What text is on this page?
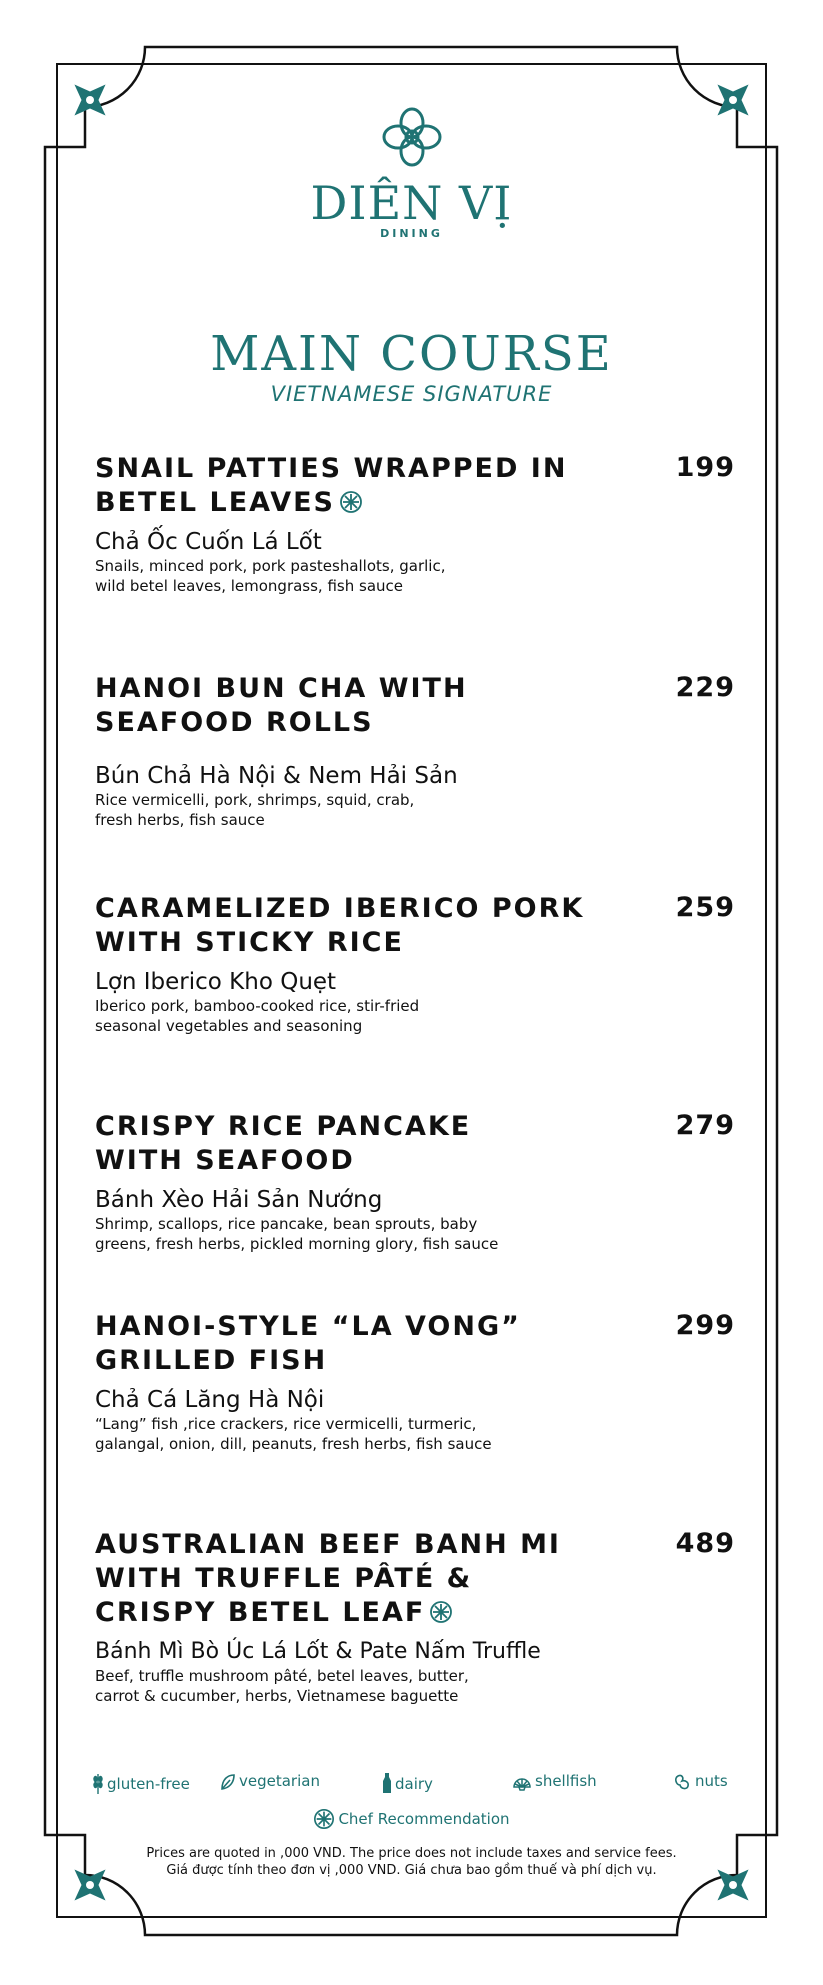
DIÊN VỊ
DINING
MAIN COURSE
VIETNAMESE SIGNATURE
SNAIL PATTIES WRAPPED IN BETEL LEAVES
199
Chả Ốc Cuốn Lá Lốt
Snails, minced pork, pork pasteshallots, garlic,
wild betel leaves, lemongrass, fish sauce
HANOI BUN CHA WITH SEAFOOD ROLLS
229
Bún Chả Hà Nội & Nem Hải Sản
Rice vermicelli, pork, shrimps, squid, crab,
fresh herbs, fish sauce
CARAMELIZED IBERICO PORK WITH STICKY RICE
259
Lợn Iberico Kho Quẹt
Iberico pork, bamboo-cooked rice, stir-fried
seasonal vegetables and seasoning
CRISPY RICE PANCAKE WITH SEAFOOD
279
Bánh Xèo Hải Sản Nướng
Shrimp, scallops, rice pancake, bean sprouts, baby
greens, fresh herbs, pickled morning glory, fish sauce
HANOI-STYLE “LA VONG” GRILLED FISH
299
Chả Cá Lăng Hà Nội
“Lang” fish ,rice crackers, rice vermicelli, turmeric,
galangal, onion, dill, peanuts, fresh herbs, fish sauce
AUSTRALIAN BEEF BANH MI WITH TRUFFLE PÂTÉ & CRISPY BETEL LEAF
489
Bánh Mì Bò Úc Lá Lốt & Pate Nấm Truffle
Beef, truffle mushroom pâté, betel leaves, butter,
carrot & cucumber, herbs, Vietnamese baguette
gluten-free	vegetarian	dairy	shellfish	nuts
Chef Recommendation
Prices are quoted in ,000 VND. The price does not include taxes and service fees.
Giá được tính theo đơn vị ,000 VND. Giá chưa bao gồm thuế và phí dịch vụ.
